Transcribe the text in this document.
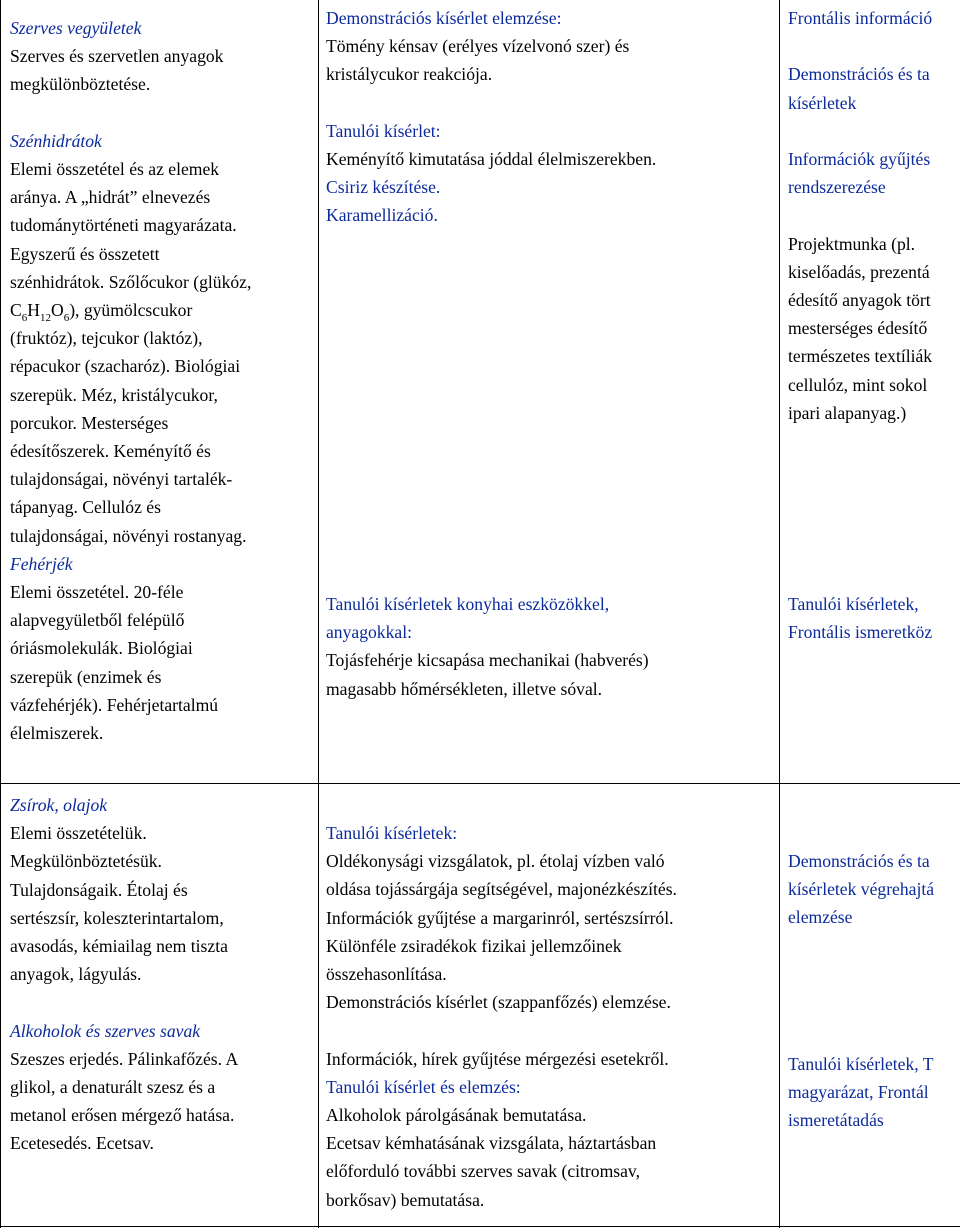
Szerves vegyületek
Szerves és szervetlen anyagok
megkülönböztetése.
Szénhidrátok
Elemi összetétel és az elemek
aránya. A „hidrát” elnevezés
tudománytörténeti magyarázata.
Egyszerű és összetett
szénhidrátok. Szőlőcukor (glükóz,
$C_6H_{12}O_6$), gyümölcscukor
(fruktóz), tejcukor (laktóz),
répacukor (szacharóz). Biológiai
szerepük. Méz, kristálycukor,
porcukor. Mesterséges
édesítőszerek. Keményítő és
tulajdonságai, növényi tartalék-
tápanyag. Cellulóz és
tulajdonságai, növényi rostanyag.
Fehérjék
Elemi összetétel. 20-féle
alapvegyületből felépülő
óriásmolekulák. Biológiai
szerepük (enzimek és
vázfehérjék). Fehérjetartalmú
élelmiszerek.
Demonstrációs kísérlet elemzése:
Tömény kénsav (erélyes vízelvonó szer) és
kristálycukor reakciója.
Tanulói kísérlet:
Keményítő kimutatása jóddal élelmiszerekben.
Csiriz készítése.
Karamellizáció.
Tanulói kísérletek konyhai eszközökkel,
anyagokkal:
Tojásfehérje kicsapása mechanikai (habverés)
magasabb hőmérsékleten, illetve sóval.
Frontális információ
Demonstrációs és ta
kísérletek
Információk gyűjtés
rendszerezése
Projektmunka (pl.
kiselőadás, prezentá
édesítő anyagok tört
mesterséges édesítő
természetes textíliák
cellulóz, mint sokol
ipari alapanyag.)
Tanulói kísérletek,
Frontális ismeretköz
Zsírok, olajok
Elemi összetételük.
Megkülönböztetésük.
Tulajdonságaik. Étolaj és
sertészsír, koleszterintartalom,
avasodás, kémiailag nem tiszta
anyagok, lágyulás.
Alkoholok és szerves savak
Szeszes erjedés. Pálinkafőzés. A
glikol, a denaturált szesz és a
metanol erősen mérgező hatása.
Ecetesedés. Ecetsav.
Tanulói kísérletek:
Oldékonysági vizsgálatok, pl. étolaj vízben való
oldása tojássárgája segítségével, majonézkészítés.
Információk gyűjtése a margarinról, sertészsírról.
Különféle zsiradékok fizikai jellemzőinek
összehasonlítása.
Demonstrációs kísérlet (szappanfőzés) elemzése.
Információk, hírek gyűjtése mérgezési esetekről.
Tanulói kísérlet és elemzés:
Alkoholok párolgásának bemutatása.
Ecetsav kémhatásának vizsgálata, háztartásban
előforduló további szerves savak (citromsav,
borkősav) bemutatása.
Demonstrációs és ta
kísérletek végrehajtá
elemzése
Tanulói kísérletek, T
magyarázat, Frontál
ismeretátadás
